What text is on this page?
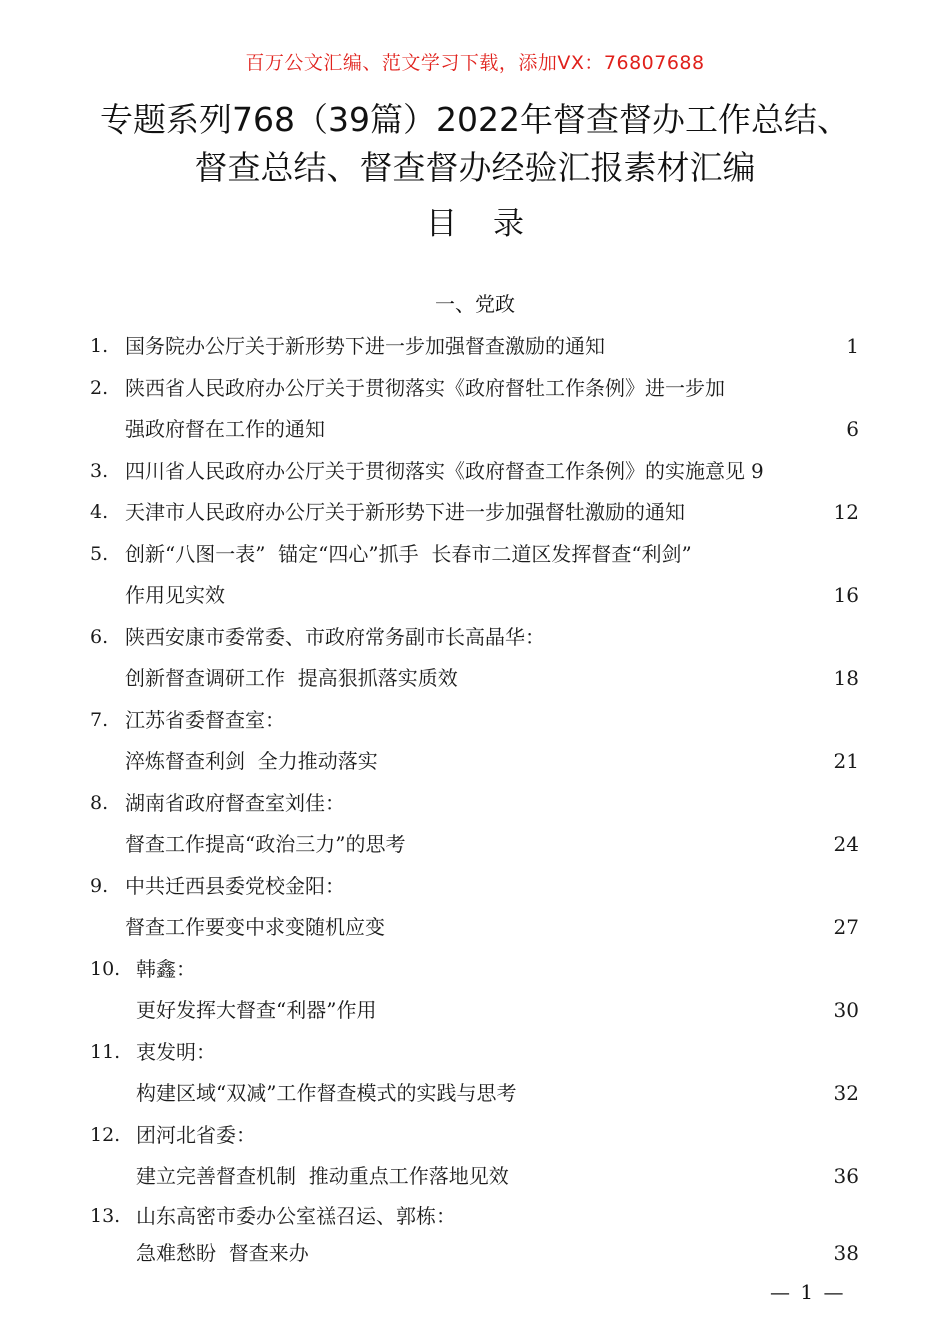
百万公文汇编、范文学习下载，添加VX：76807688
专题系列768（39篇）2022年督查督办工作总结、
督查总结、督查督办经验汇报素材汇编
目录
一、党政
1. 国务院办公厅关于新形势下进一步加强督查激励的通知	1
2. 陕西省人民政府办公厅关于贯彻落实《政府督牡工作条例》进一步加
强政府督在工作的通知	6
3. 四川省人民政府办公厅关于贯彻落实《政府督查工作条例》的实施意见 9
4. 天津市人民政府办公厅关于新形势下进一步加强督牡激励的通知	12
5. 创新“八图一表”  锚定“四心”抓手  长春市二道区发挥督查“利剑”
作用见实效	16
6. 陕西安康市委常委、市政府常务副市长高晶华：
创新督查调研工作  提高狠抓落实质效	18
7. 江苏省委督查室：
淬炼督查利剑  全力推动落实	21
8. 湖南省政府督查室刘佳：
督查工作提高“政治三力”的思考	24
9. 中共迁西县委党校金阳：
督查工作要变中求变随机应变	27
10. 韩鑫：
更好发挥大督查“利器”作用	30
11. 衷发明：
构建区域“双减”工作督查模式的实践与思考	32
12. 团河北省委：
建立完善督查机制  推动重点工作落地见效	36
13. 山东高密市委办公室禚召运、郭栋：
急难愁盼  督查来办	38
— 1 —
